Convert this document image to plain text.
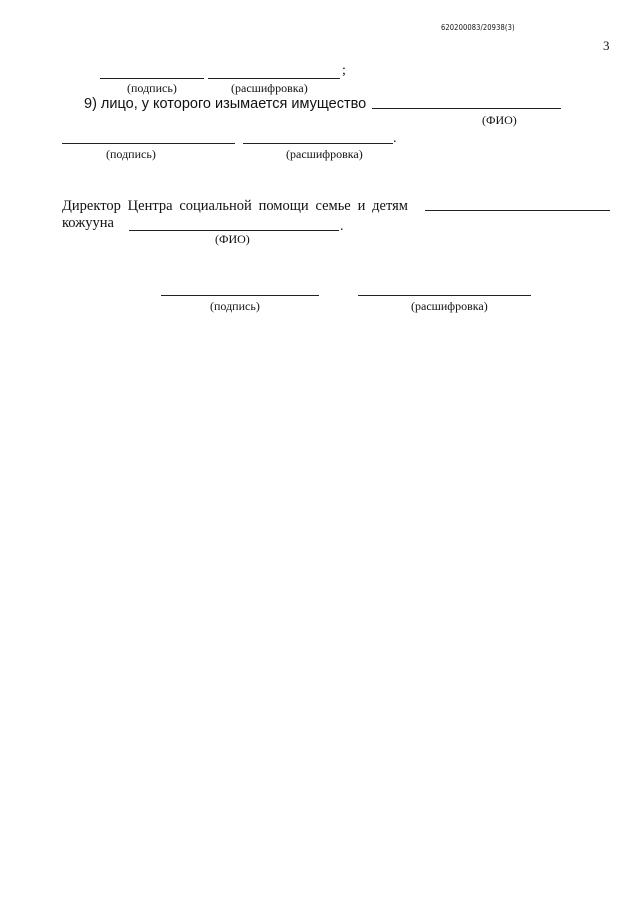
620200083/20938(3)
3
;
(подпись)	(расшифровка)
9) лицо, у которого изымается имущество
(ФИО)
.
(подпись)	(расшифровка)
Директор Центра социальной помощи семье и детям
кожууна	.
(ФИО)
(подпись)	(расшифровка)
